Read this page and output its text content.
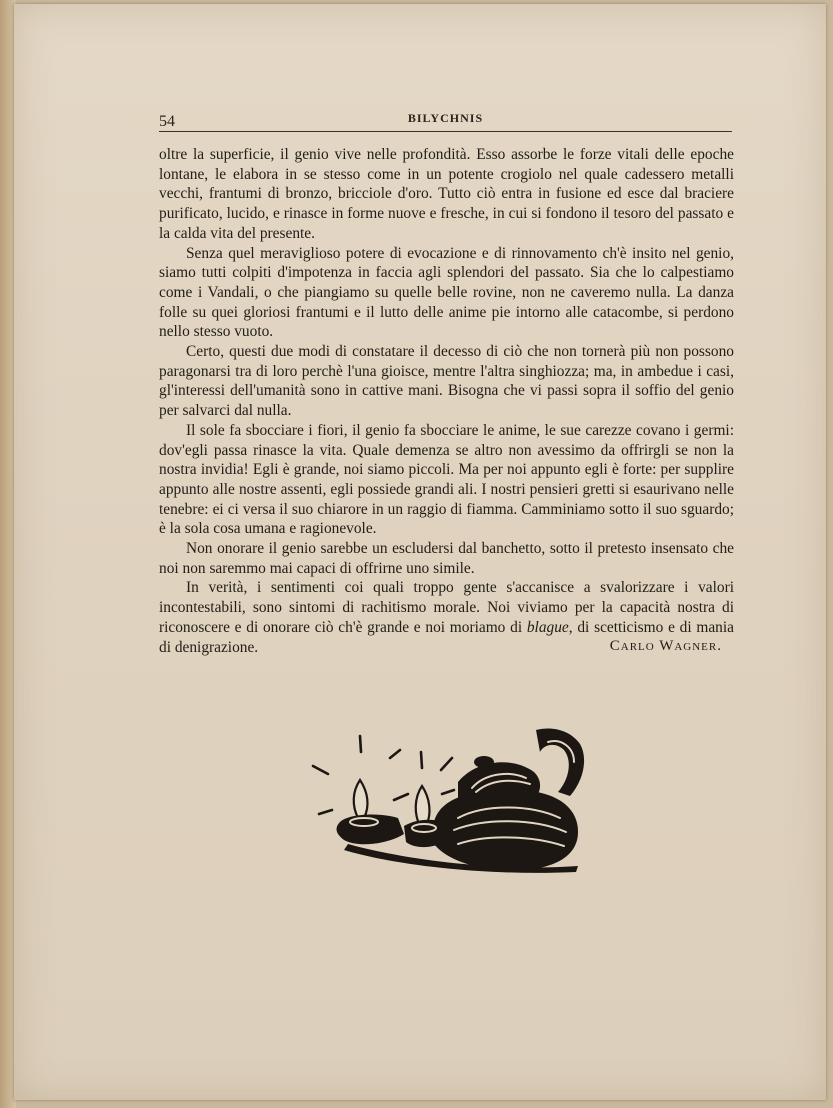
54	BILYCHNIS

oltre la superficie, il genio vive nelle profondità. Esso assorbe le forze vitali delle epoche lontane, le elabora in se stesso come in un potente crogiolo nel quale cadessero metalli vecchi, frantumi di bronzo, bricciole d'oro. Tutto ciò entra in fusione ed esce dal braciere purificato, lucido, e rinasce in forme nuove e fresche, in cui si fondono il tesoro del passato e la calda vita del presente.

Senza quel meraviglioso potere di evocazione e di rinnovamento ch'è insito nel genio, siamo tutti colpiti d'impotenza in faccia agli splendori del passato. Sia che lo calpestiamo come i Vandali, o che piangiamo su quelle belle rovine, non ne caveremo nulla. La danza folle su quei gloriosi frantumi e il lutto delle anime pie intorno alle catacombe, si perdono nello stesso vuoto.

Certo, questi due modi di constatare il decesso di ciò che non tornerà più non possono paragonarsi tra di loro perchè l'una gioisce, mentre l'altra singhiozza; ma, in ambedue i casi, gl'interessi dell'umanità sono in cattive mani. Bisogna che vi passi sopra il soffio del genio per salvarci dal nulla.

Il sole fa sbocciare i fiori, il genio fa sbocciare le anime, le sue carezze covano i germi: dov'egli passa rinasce la vita. Quale demenza se altro non avessimo da offrirgli se non la nostra invidia! Egli è grande, noi siamo piccoli. Ma per noi appunto egli è forte: per supplire appunto alle nostre assenti, egli possiede grandi ali. I nostri pensieri gretti si esaurivano nelle tenebre: ei ci versa il suo chiarore in un raggio di fiamma. Camminiamo sotto il suo sguardo; è la sola cosa umana e ragionevole.

Non onorare il genio sarebbe un escludersi dal banchetto, sotto il pretesto insensato che noi non saremmo mai capaci di offrirne uno simile.

In verità, i sentimenti coi quali troppo gente s'accanisce a svalorizzare i valori incontestabili, sono sintomi di rachitismo morale. Noi viviamo per la capacità nostra di riconoscere e di onorare ciò ch'è grande e noi moriamo di blague, di scetticismo e di mania di denigrazione.	Carlo Wagner.
